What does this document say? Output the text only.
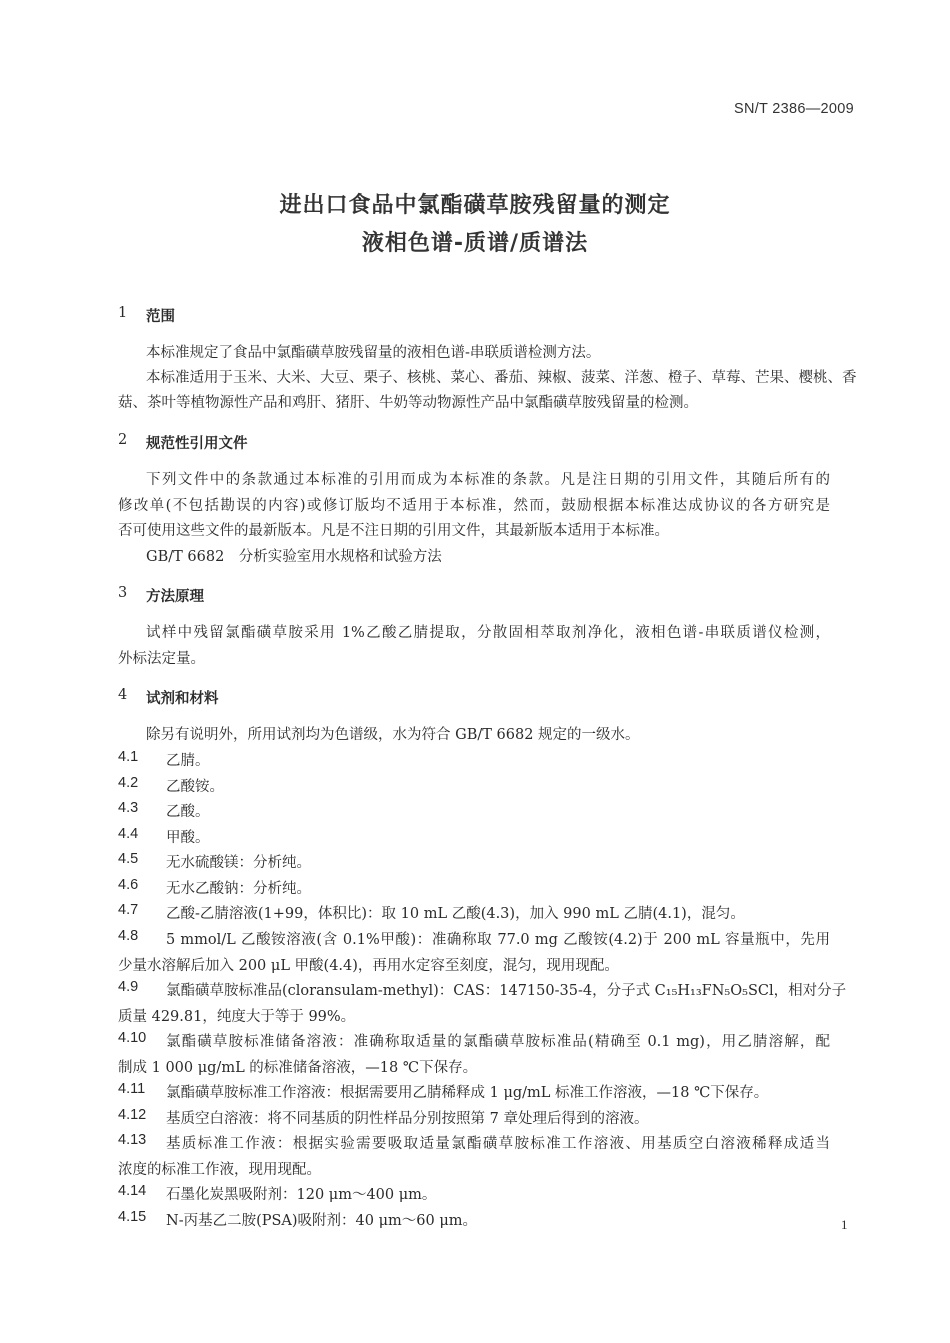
SN/T 2386—2009
进出口食品中氯酯磺草胺残留量的测定
液相色谱-质谱/质谱法
1 范围
本标准规定了食品中氯酯磺草胺残留量的液相色谱-串联质谱检测方法。
本标准适用于玉米、大米、大豆、栗子、核桃、菜心、番茄、辣椒、菠菜、洋葱、橙子、草莓、芒果、樱桃、香
菇、茶叶等植物源性产品和鸡肝、猪肝、牛奶等动物源性产品中氯酯磺草胺残留量的检测。
2 规范性引用文件
下列文件中的条款通过本标准的引用而成为本标准的条款。凡是注日期的引用文件，其随后所有的
修改单(不包括勘误的内容)或修订版均不适用于本标准，然而，鼓励根据本标准达成协议的各方研究是
否可使用这些文件的最新版本。凡是不注日期的引用文件，其最新版本适用于本标准。
GB/T 6682　分析实验室用水规格和试验方法
3 方法原理
试样中残留氯酯磺草胺采用 1%乙酸乙腈提取，分散固相萃取剂净化，液相色谱-串联质谱仪检测，
外标法定量。
4 试剂和材料
除另有说明外，所用试剂均为色谱级，水为符合 GB/T 6682 规定的一级水。
4.1 乙腈。
4.2 乙酸铵。
4.3 乙酸。
4.4 甲酸。
4.5 无水硫酸镁：分析纯。
4.6 无水乙酸钠：分析纯。
4.7 乙酸-乙腈溶液(1+99，体积比)：取 10 mL 乙酸(4.3)，加入 990 mL 乙腈(4.1)，混匀。
4.8 5 mmol/L 乙酸铵溶液(含 0.1%甲酸)：准确称取 77.0 mg 乙酸铵(4.2)于 200 mL 容量瓶中，先用
少量水溶解后加入 200 μL 甲酸(4.4)，再用水定容至刻度，混匀，现用现配。
4.9 氯酯磺草胺标准品(cloransulam-methyl)：CAS：147150-35-4，分子式 C₁₅H₁₃FN₅O₅SCl，相对分子
质量 429.81，纯度大于等于 99%。
4.10 氯酯磺草胺标准储备溶液：准确称取适量的氯酯磺草胺标准品(精确至 0.1 mg)，用乙腈溶解，配
制成 1 000 μg/mL 的标准储备溶液，—18 ℃下保存。
4.11 氯酯磺草胺标准工作溶液：根据需要用乙腈稀释成 1 μg/mL 标准工作溶液，—18 ℃下保存。
4.12 基质空白溶液：将不同基质的阴性样品分别按照第 7 章处理后得到的溶液。
4.13 基质标准工作液：根据实验需要吸取适量氯酯磺草胺标准工作溶液、用基质空白溶液稀释成适当
浓度的标准工作液，现用现配。
4.14 石墨化炭黑吸附剂：120 μm～400 μm。
4.15 N-丙基乙二胺(PSA)吸附剂：40 μm～60 μm。	1
